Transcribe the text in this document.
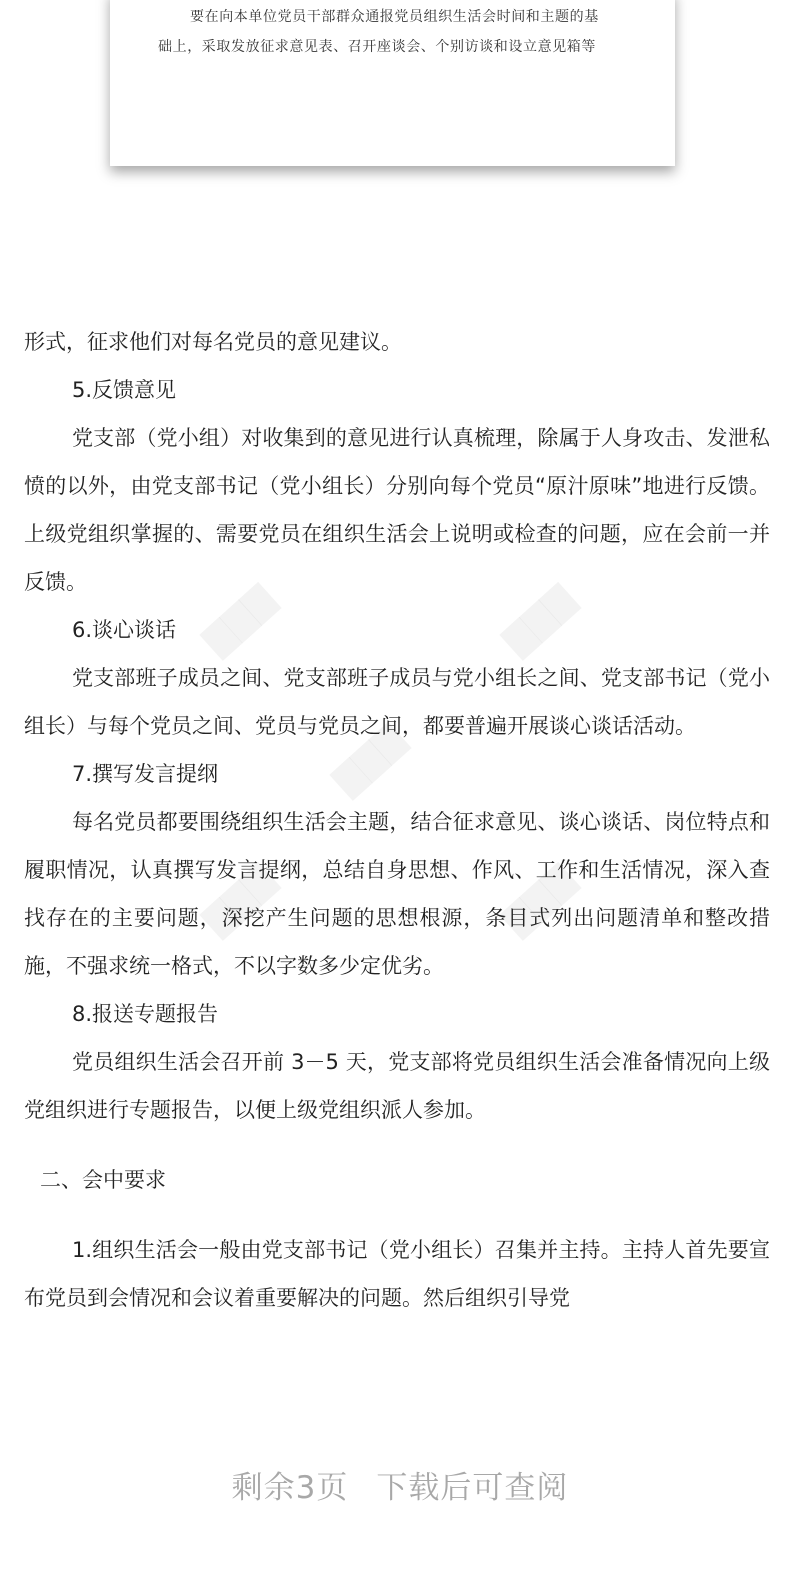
要在向本单位党员干部群众通报党员组织生活会时间和主题的基
础上，采取发放征求意见表、召开座谈会、个别访谈和设立意见箱等
▇▇▇	▇▇▇
▇▇▇
▇▇▇	▇▇▇

形式，征求他们对每名党员的意见建议。

5.反馈意见

党支部（党小组）对收集到的意见进行认真梳理，除属于人身攻击、发泄私愤的以外，由党支部书记（党小组长）分别向每个党员“原汁原味”地进行反馈。上级党组织掌握的、需要党员在组织生活会上说明或检查的问题，应在会前一并反馈。

6.谈心谈话

党支部班子成员之间、党支部班子成员与党小组长之间、党支部书记（党小组长）与每个党员之间、党员与党员之间，都要普遍开展谈心谈话活动。

7.撰写发言提纲

每名党员都要围绕组织生活会主题，结合征求意见、谈心谈话、岗位特点和履职情况，认真撰写发言提纲，总结自身思想、作风、工作和生活情况，深入查找存在的主要问题，深挖产生问题的思想根源，条目式列出问题清单和整改措施，不强求统一格式，不以字数多少定优劣。

8.报送专题报告

党员组织生活会召开前 3－5 天，党支部将党员组织生活会准备情况向上级党组织进行专题报告，以便上级党组织派人参加。

二、会中要求

1.组织生活会一般由党支部书记（党小组长）召集并主持。主持人首先要宣布党员到会情况和会议着重要解决的问题。然后组织引导党

剩余3页 下载后可查阅
